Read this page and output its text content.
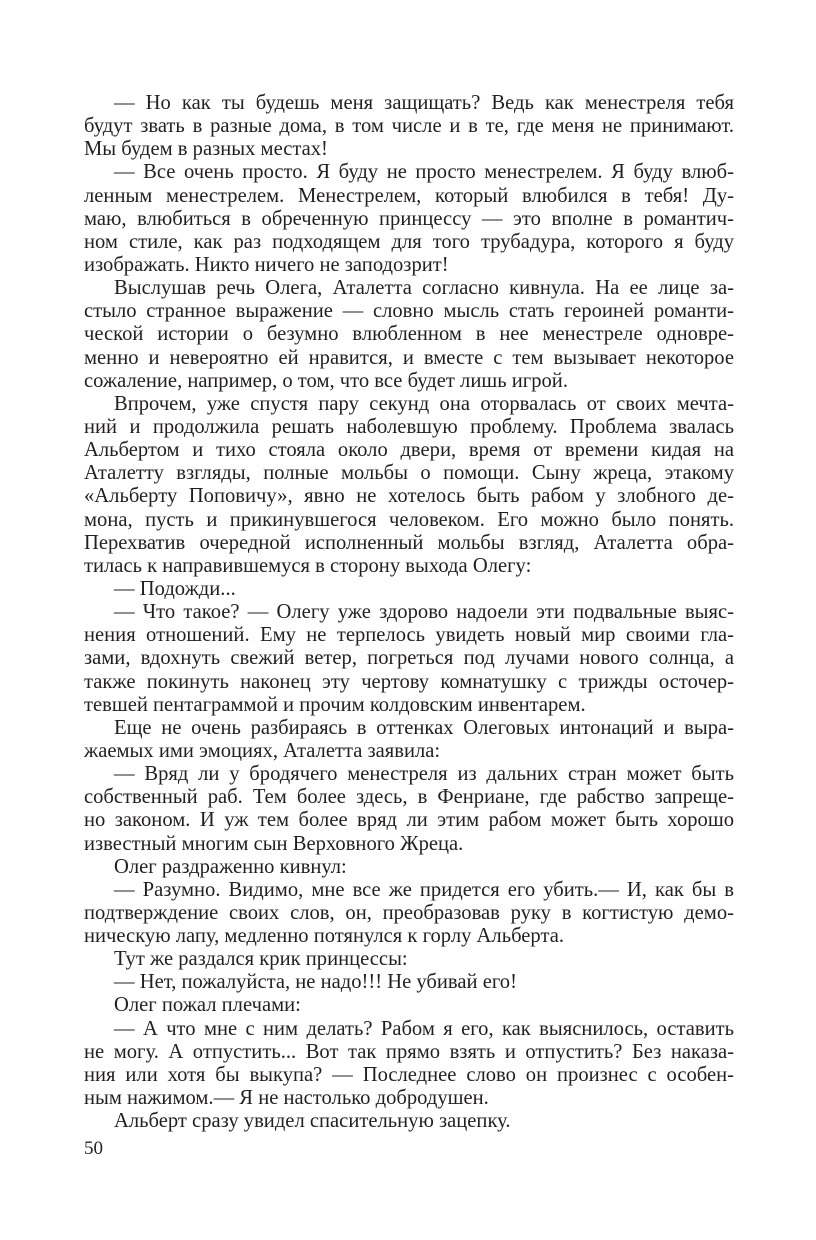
— Но как ты будешь меня защищать? Ведь как менестреля тебя
будут звать в разные дома, в том числе и в те, где меня не принимают.
Мы будем в разных местах!
— Все очень просто. Я буду не просто менестрелем. Я буду влюб-
ленным менестрелем. Менестрелем, который влюбился в тебя! Ду-
маю, влюбиться в обреченную принцессу — это вполне в романтич-
ном стиле, как раз подходящем для того трубадура, которого я буду
изображать. Никто ничего не заподозрит!
Выслушав речь Олега, Аталетта согласно кивнула. На ее лице за-
стыло странное выражение — словно мысль стать героиней романти-
ческой истории о безумно влюбленном в нее менестреле одновре-
менно и невероятно ей нравится, и вместе с тем вызывает некоторое
сожаление, например, о том, что все будет лишь игрой.
Впрочем, уже спустя пару секунд она оторвалась от своих мечта-
ний и продолжила решать наболевшую проблему. Проблема звалась
Альбертом и тихо стояла около двери, время от времени кидая на
Аталетту взгляды, полные мольбы о помощи. Сыну жреца, этакому
«Альберту Поповичу», явно не хотелось быть рабом у злобного де-
мона, пусть и прикинувшегося человеком. Его можно было понять.
Перехватив очередной исполненный мольбы взгляд, Аталетта обра-
тилась к направившемуся в сторону выхода Олегу:
— Подожди...
— Что такое? — Олегу уже здорово надоели эти подвальные выяс-
нения отношений. Ему не терпелось увидеть новый мир своими гла-
зами, вдохнуть свежий ветер, погреться под лучами нового солнца, а
также покинуть наконец эту чертову комнатушку с трижды осточер-
тевшей пентаграммой и прочим колдовским инвентарем.
Еще не очень разбираясь в оттенках Олеговых интонаций и выра-
жаемых ими эмоциях, Аталетта заявила:
— Вряд ли у бродячего менестреля из дальних стран может быть
собственный раб. Тем более здесь, в Фенриане, где рабство запреще-
но законом. И уж тем более вряд ли этим рабом может быть хорошо
известный многим сын Верховного Жреца.
Олег раздраженно кивнул:
— Разумно. Видимо, мне все же придется его убить.— И, как бы в
подтверждение своих слов, он, преобразовав руку в когтистую демо-
ническую лапу, медленно потянулся к горлу Альберта.
Тут же раздался крик принцессы:
— Нет, пожалуйста, не надо!!! Не убивай его!
Олег пожал плечами:
— А что мне с ним делать? Рабом я его, как выяснилось, оставить
не могу. А отпустить... Вот так прямо взять и отпустить? Без наказа-
ния или хотя бы выкупа? — Последнее слово он произнес с особен-
ным нажимом.— Я не настолько добродушен.
Альберт сразу увидел спасительную зацепку.
50
